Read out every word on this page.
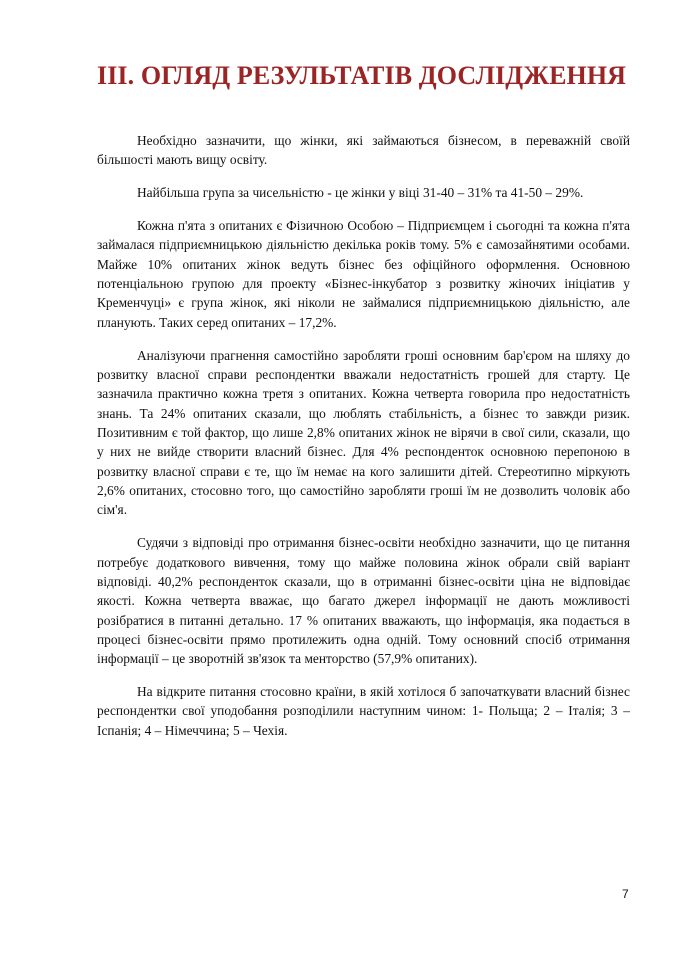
III. ОГЛЯД РЕЗУЛЬТАТІВ ДОСЛІДЖЕННЯ

Необхідно зазначити, що жінки, які займаються бізнесом, в переважній своїй більшості мають вищу освіту.

Найбільша група за чисельністю - це жінки у віці 31-40 – 31% та 41-50 – 29%.

Кожна п'ята з опитаних є Фізичною Особою – Підприємцем і сьогодні та кожна п'ята займалася підприємницькою діяльністю декілька років тому. 5% є самозайнятими особами. Майже 10% опитаних жінок ведуть бізнес без офіційного оформлення. Основною потенціальною групою для проекту «Бізнес-інкубатор з розвитку жіночих ініціатив у Кременчуці» є група жінок, які ніколи не займалися підприємницькою діяльністю, але планують. Таких серед опитаних – 17,2%.

Аналізуючи прагнення самостійно заробляти гроші основним бар'єром на шляху до розвитку власної справи респондентки вважали недостатність грошей для старту. Це зазначила практично кожна третя з опитаних. Кожна четверта говорила про недостатність знань. Та 24% опитаних сказали, що люблять стабільність, а бізнес то завжди ризик. Позитивним є той фактор, що лише 2,8% опитаних жінок не вірячи в свої сили, сказали, що у них не вийде створити власний бізнес. Для 4% респонденток основною перепоною в розвитку власної справи є те, що їм немає на кого залишити дітей. Стереотипно міркують 2,6% опитаних, стосовно того, що самостійно заробляти гроші їм не дозволить чоловік або сім'я.

Судячи з відповіді про отримання бізнес-освіти необхідно зазначити, що це питання потребує додаткового вивчення, тому що майже половина жінок обрали свій варіант відповіді. 40,2% респонденток сказали, що в отриманні бізнес-освіти ціна не відповідає якості. Кожна четверта вважає, що багато джерел інформації не дають можливості розібратися в питанні детально. 17 % опитаних вважають, що інформація, яка подається в процесі бізнес-освіти прямо протилежить одна одній. Тому основний спосіб отримання інформації – це зворотній зв'язок та менторство (57,9% опитаних).

На відкрите питання стосовно країни, в якій хотілося б започаткувати власний бізнес респондентки свої уподобання розподілили наступним чином: 1- Польща; 2 – Італія; 3 – Іспанія; 4 – Німеччина; 5 – Чехія.

7
